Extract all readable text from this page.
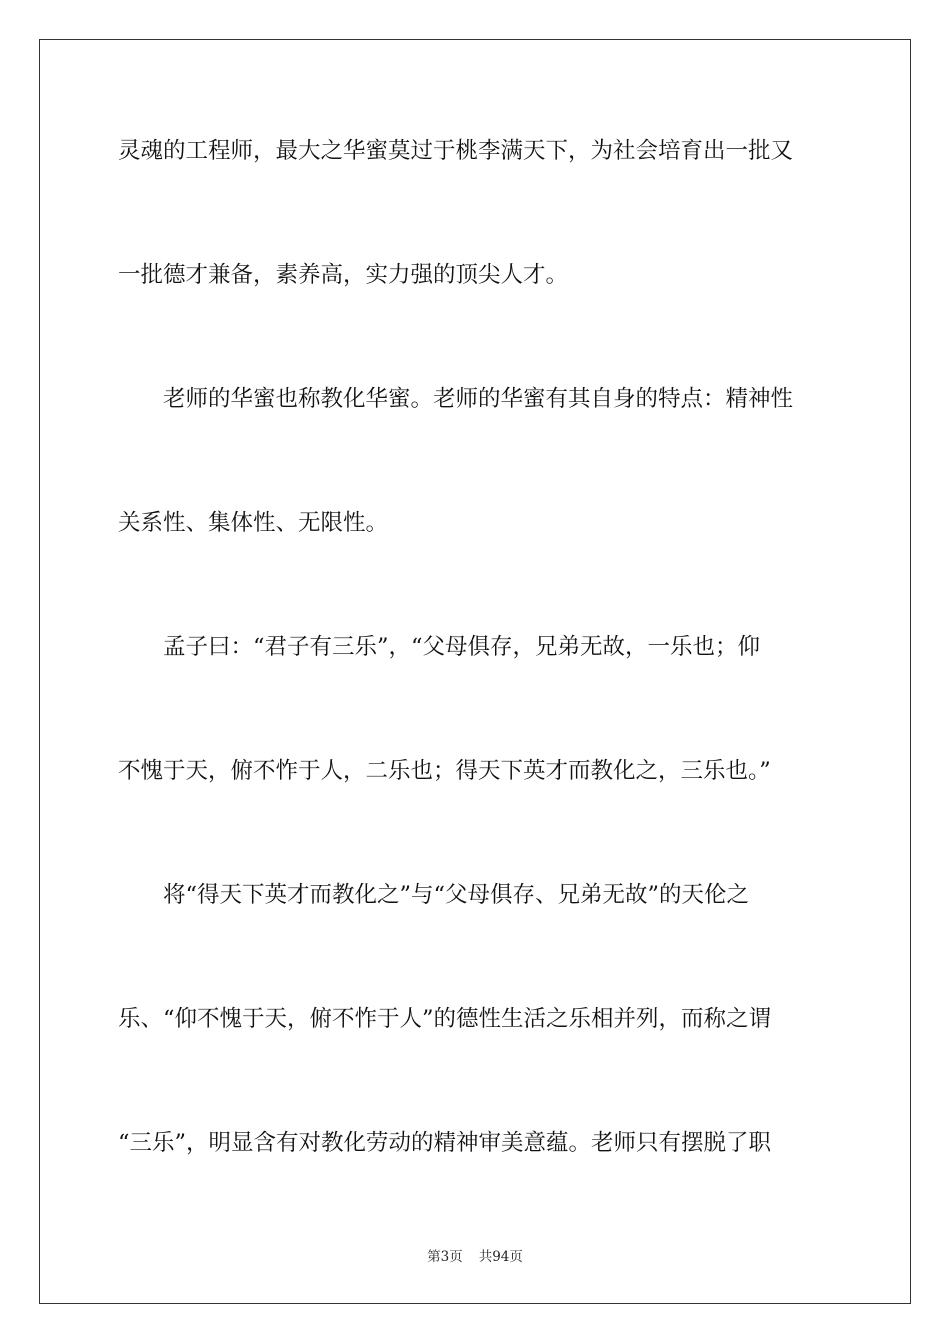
灵魂的工程师，最大之华蜜莫过于桃李满天下，为社会培育出一批又
一批德才兼备，素养高，实力强的顶尖人才。
　　老师的华蜜也称教化华蜜。老师的华蜜有其自身的特点：精神性
关系性、集体性、无限性。
　　孟子曰：“君子有三乐”，“父母俱存，兄弟无故，一乐也；仰
不愧于天，俯不怍于人，二乐也；得天下英才而教化之，三乐也。”
　　将“得天下英才而教化之”与“父母俱存、兄弟无故”的天伦之
乐、“仰不愧于天，俯不怍于人”的德性生活之乐相并列，而称之谓
“三乐”，明显含有对教化劳动的精神审美意蕴。老师只有摆脱了职
第3页 共94页
